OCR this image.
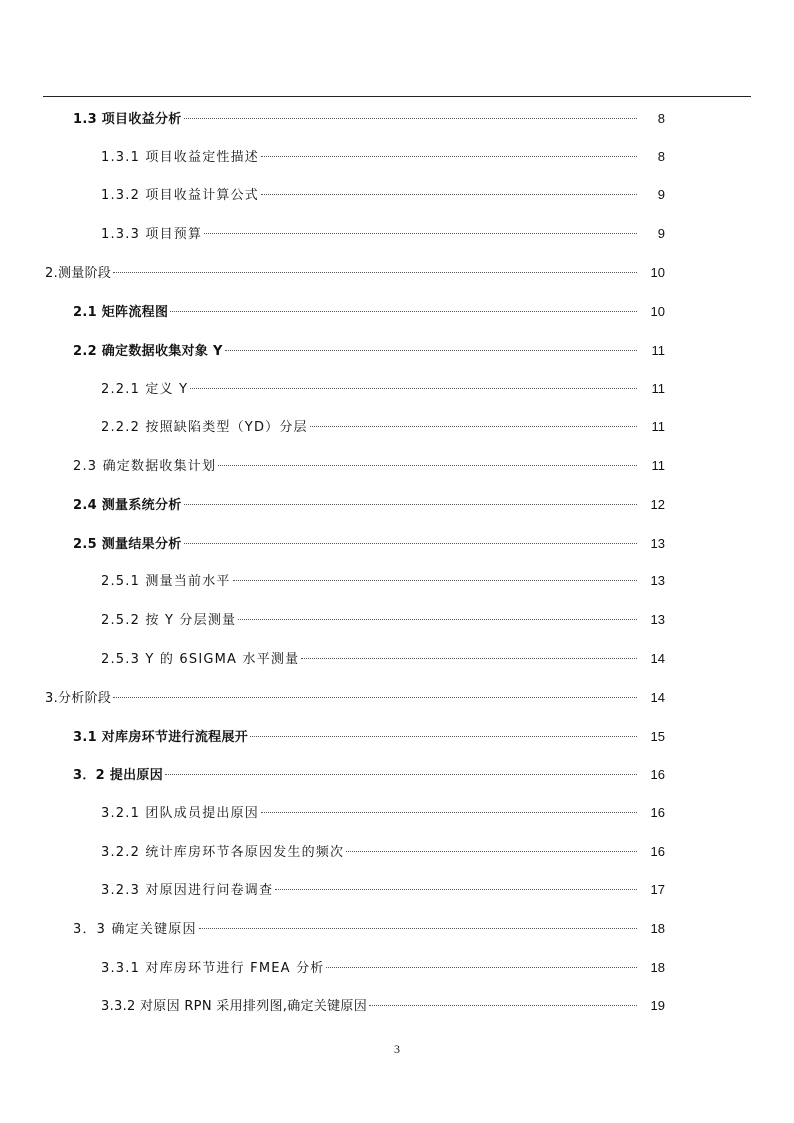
1.3 项目收益分析	8
1.3.1 项目收益定性描述	8
1.3.2 项目收益计算公式	9
1.3.3 项目预算	9
2.测量阶段	10
2.1 矩阵流程图	10
2.2 确定数据收集对象 Y	11
2.2.1 定义 Y	11
2.2.2 按照缺陷类型（YD）分层	11
2.3 确定数据收集计划	11
2.4 测量系统分析	12
2.5 测量结果分析	13
2.5.1 测量当前水平	13
2.5.2 按 Y 分层测量	13
2.5.3 Y 的 6SIGMA 水平测量	14
3.分析阶段	14
3.1 对库房环节进行流程展开	15
3．2 提出原因	16
3.2.1 团队成员提出原因	16
3.2.2 统计库房环节各原因发生的频次	16
3.2.3 对原因进行问卷调查	17
3．3 确定关键原因	18
3.3.1 对库房环节进行 FMEA 分析	18
3.3.2 对原因 RPN 采用排列图,确定关键原因	19
3
